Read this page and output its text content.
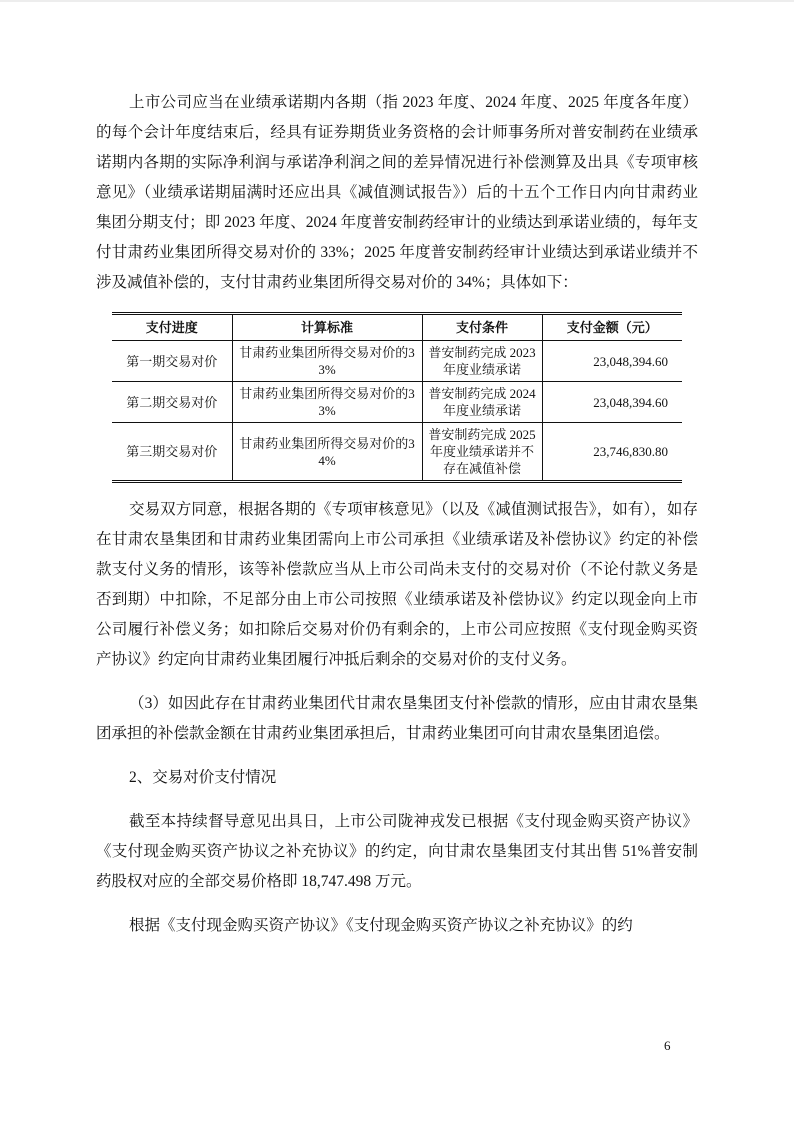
上市公司应当在业绩承诺期内各期（指 2023 年度、2024 年度、2025 年度各年度）的每个会计年度结束后，经具有证券期货业务资格的会计师事务所对普安制药在业绩承诺期内各期的实际净利润与承诺净利润之间的差异情况进行补偿测算及出具《专项审核意见》（业绩承诺期届满时还应出具《减值测试报告》）后的十五个工作日内向甘肃药业集团分期支付；即 2023 年度、2024 年度普安制药经审计的业绩达到承诺业绩的，每年支付甘肃药业集团所得交易对价的 33%；2025 年度普安制药经审计业绩达到承诺业绩并不涉及减值补偿的，支付甘肃药业集团所得交易对价的 34%；具体如下：

支付进度	计算标准	支付条件	支付金额（元）
第一期交易对价	甘肃药业集团所得交易对价的33%	普安制药完成 2023 年度业绩承诺	23,048,394.60
第二期交易对价	甘肃药业集团所得交易对价的33%	普安制药完成 2024 年度业绩承诺	23,048,394.60
第三期交易对价	甘肃药业集团所得交易对价的34%	普安制药完成 2025 年度业绩承诺并不存在减值补偿	23,746,830.80

交易双方同意，根据各期的《专项审核意见》（以及《减值测试报告》，如有），如存在甘肃农垦集团和甘肃药业集团需向上市公司承担《业绩承诺及补偿协议》约定的补偿款支付义务的情形，该等补偿款应当从上市公司尚未支付的交易对价（不论付款义务是否到期）中扣除，不足部分由上市公司按照《业绩承诺及补偿协议》约定以现金向上市公司履行补偿义务；如扣除后交易对价仍有剩余的，上市公司应按照《支付现金购买资产协议》约定向甘肃药业集团履行冲抵后剩余的交易对价的支付义务。

（3）如因此存在甘肃药业集团代甘肃农垦集团支付补偿款的情形，应由甘肃农垦集团承担的补偿款金额在甘肃药业集团承担后，甘肃药业集团可向甘肃农垦集团追偿。

2、交易对价支付情况

截至本持续督导意见出具日，上市公司陇神戎发已根据《支付现金购买资产协议》《支付现金购买资产协议之补充协议》的约定，向甘肃农垦集团支付其出售 51%普安制药股权对应的全部交易价格即 18,747.498 万元。

根据《支付现金购买资产协议》《支付现金购买资产协议之补充协议》的约

6
